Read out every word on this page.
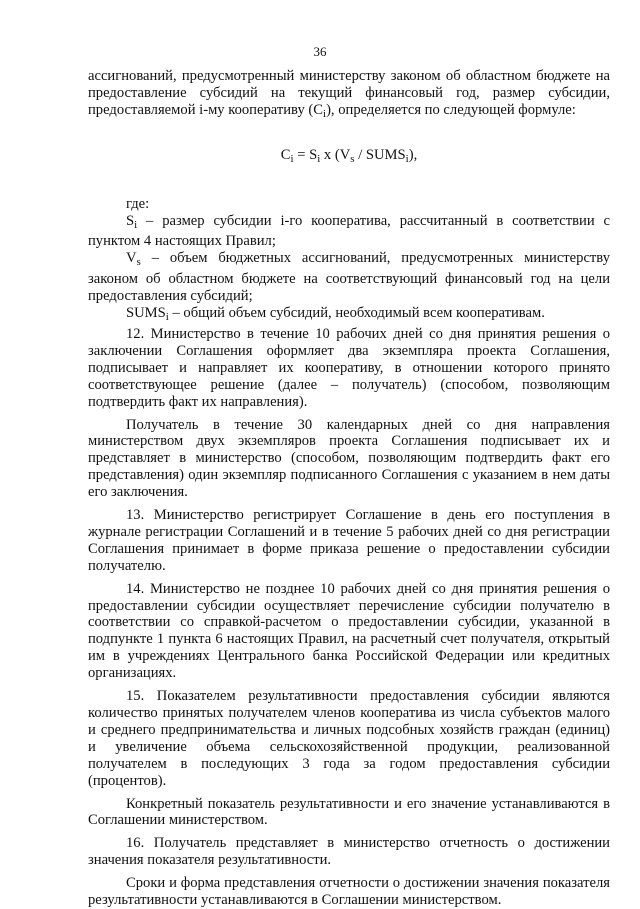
36

ассигнований, предусмотренный министерству законом об областном бюджете на предоставление субсидий на текущий финансовый год, размер субсидии, предоставляемой i-му кооперативу $(C_i)$, определяется по следующей формуле:

$C_i = S_i$ x ($V_s$ / $SUMS_i$),

где:

$S_i$ – размер субсидии i-го кооператива, рассчитанный в соответствии с пунктом 4 настоящих Правил;

$V_s$ – объем бюджетных ассигнований, предусмотренных министерству законом об областном бюджете на соответствующий финансовый год на цели предоставления субсидий;

$SUMS_i$ – общий объем субсидий, необходимый всем кооперативам.

12. Министерство в течение 10 рабочих дней со дня принятия решения о заключении Соглашения оформляет два экземпляра проекта Соглашения, подписывает и направляет их кооперативу, в отношении которого принято соответствующее решение (далее – получатель) (способом, позволяющим подтвердить факт их направления).

Получатель в течение 30 календарных дней со дня направления министерством двух экземпляров проекта Соглашения подписывает их и представляет в министерство (способом, позволяющим подтвердить факт его представления) один экземпляр подписанного Соглашения с указанием в нем даты его заключения.

13. Министерство регистрирует Соглашение в день его поступления в журнале регистрации Соглашений и в течение 5 рабочих дней со дня регистрации Соглашения принимает в форме приказа решение о предоставлении субсидии получателю.

14. Министерство не позднее 10 рабочих дней со дня принятия решения о предоставлении субсидии осуществляет перечисление субсидии получателю в соответствии со справкой-расчетом о предоставлении субсидии, указанной в подпункте 1 пункта 6 настоящих Правил, на расчетный счет получателя, открытый им в учреждениях Центрального банка Российской Федерации или кредитных организациях.

15. Показателем результативности предоставления субсидии являются количество принятых получателем членов кооператива из числа субъектов малого и среднего предпринимательства и личных подсобных хозяйств граждан (единиц) и увеличение объема сельскохозяйственной продукции, реализованной получателем в последующих 3 года за годом предоставления субсидии (процентов).

Конкретный показатель результативности и его значение устанавливаются в Соглашении министерством.

16. Получатель представляет в министерство отчетность о достижении значения показателя результативности.

Сроки и форма представления отчетности о достижении значения показателя результативности устанавливаются в Соглашении министерством.
